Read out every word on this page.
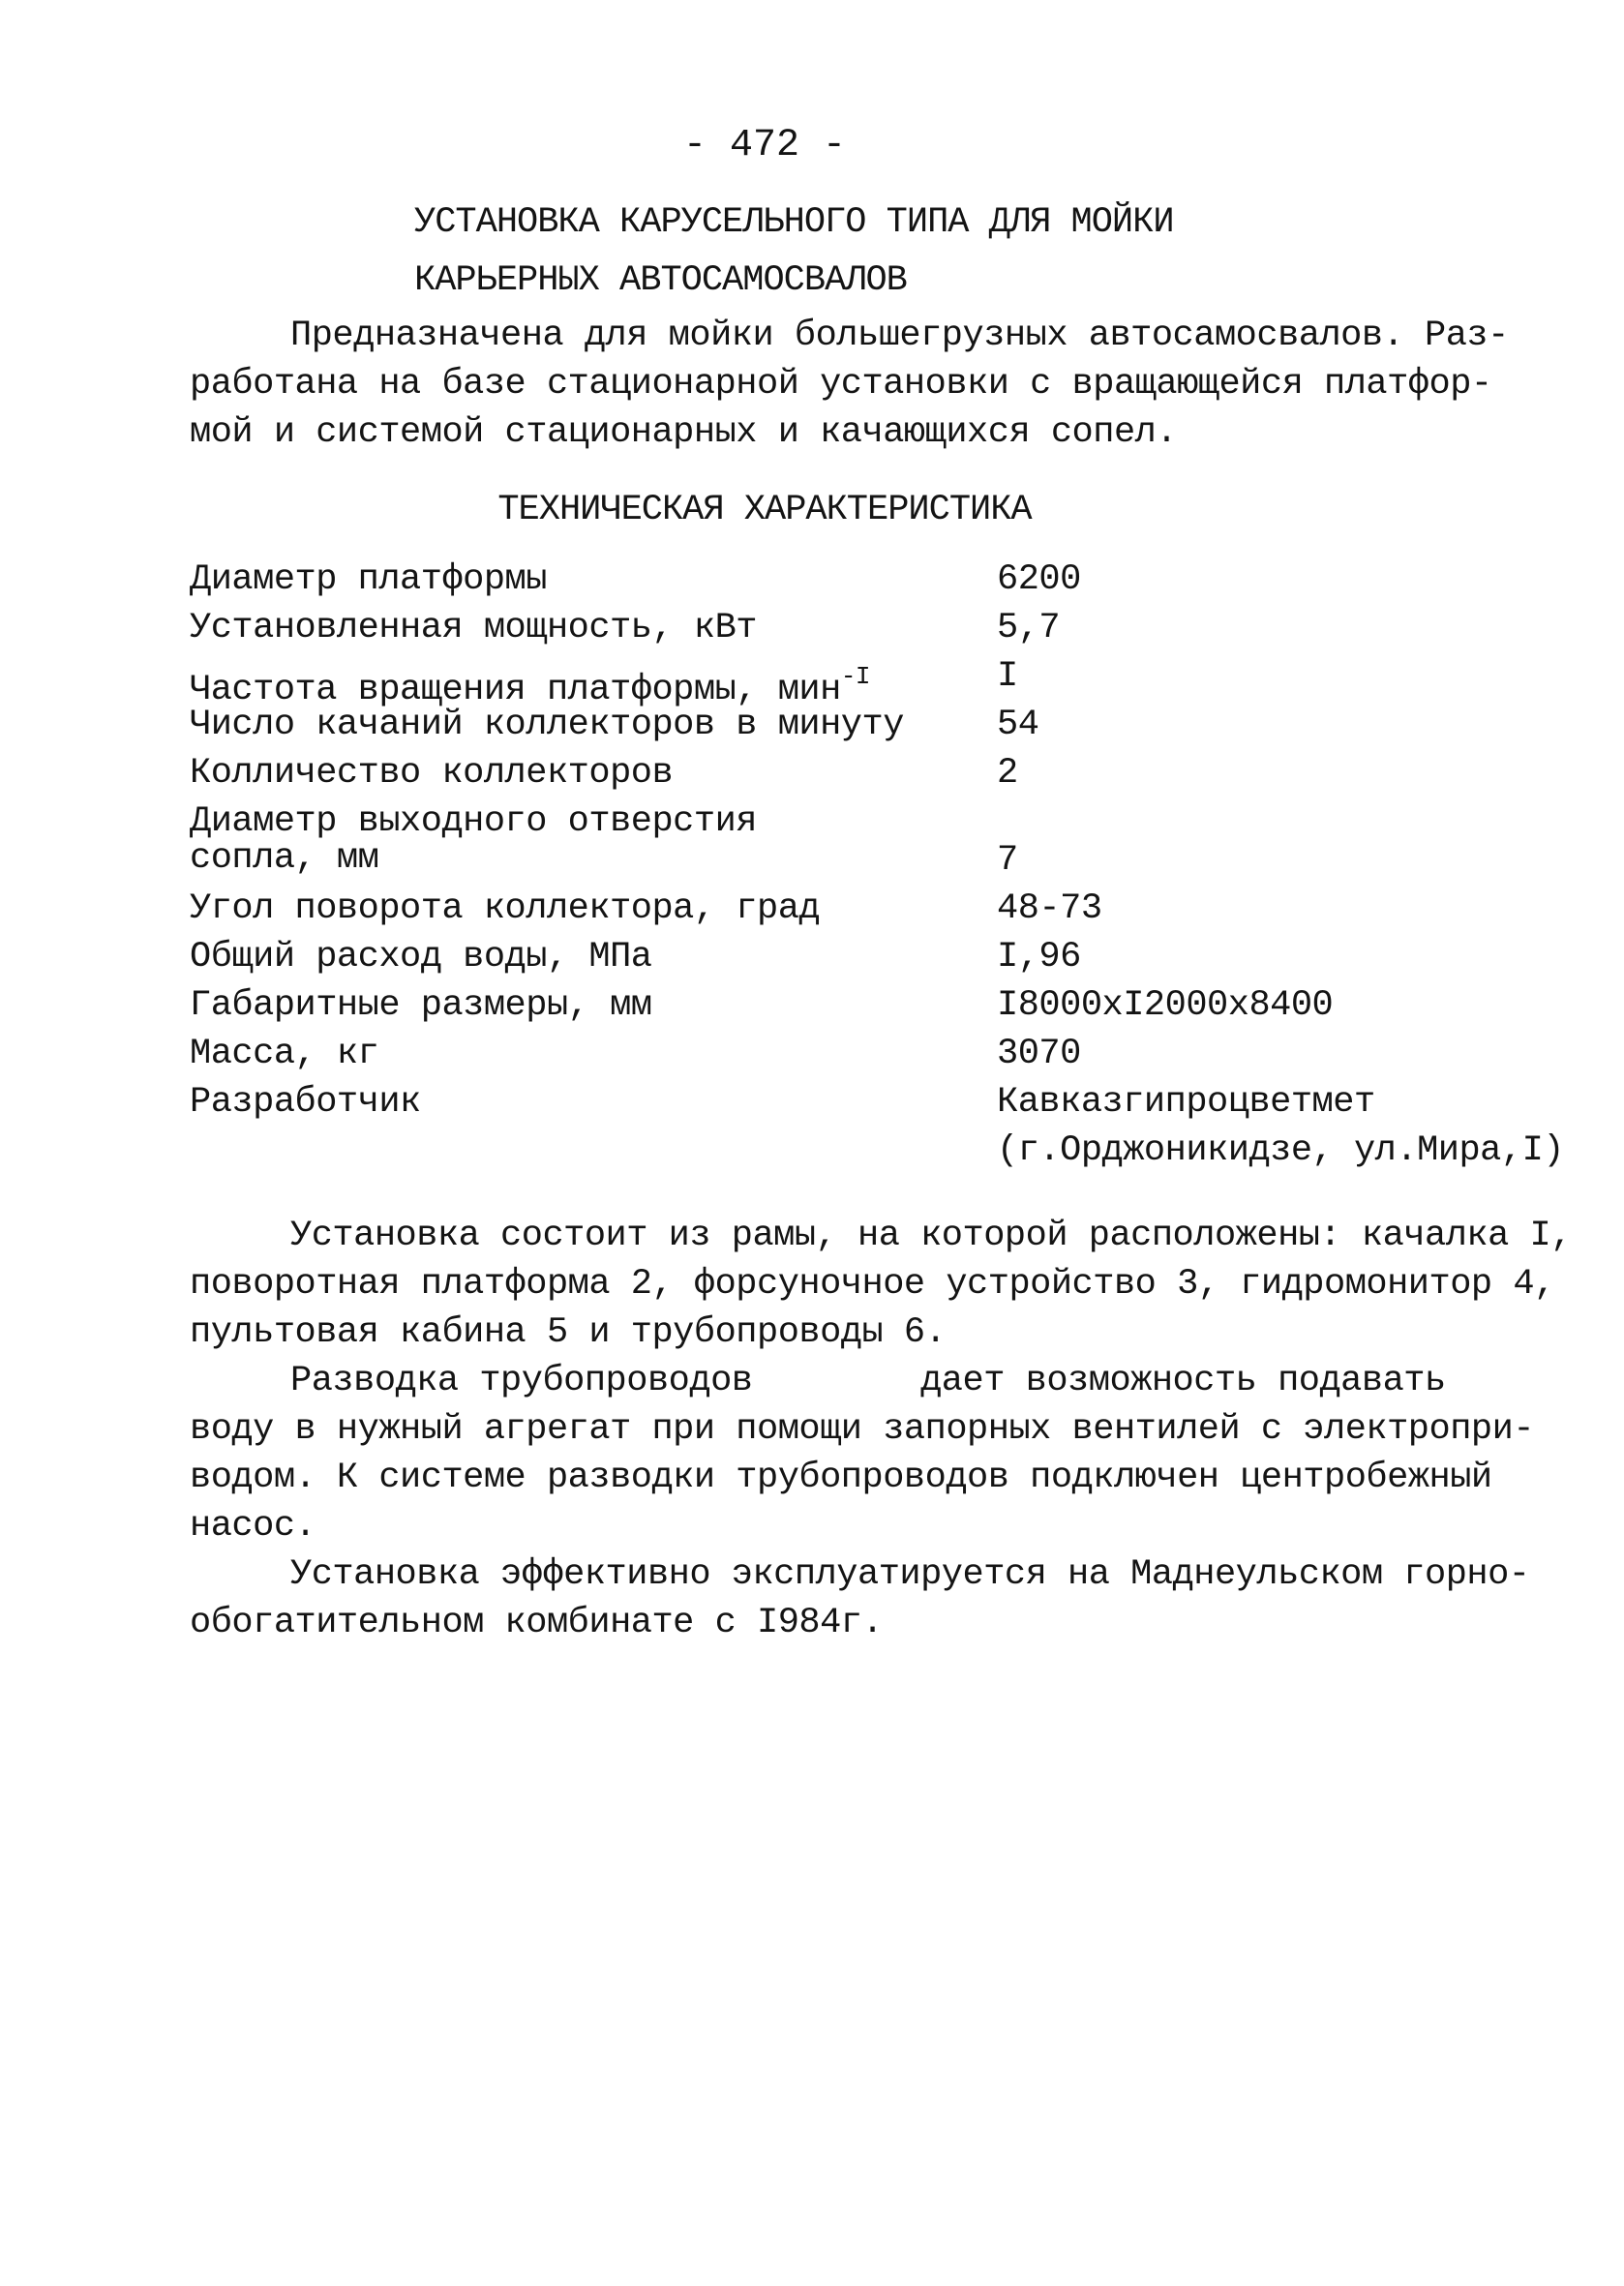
- 472 -
УСТАНОВКА КАРУСЕЛЬНОГО ТИПА ДЛЯ МОЙКИ
КАРЬЕРНЫХ АВТОСАМОСВАЛОВ
Предназначена для мойки большегрузных автосамосвалов. Раз-
работана на базе стационарной установки с вращающейся платфор-
мой и системой стационарных и качающихся сопел.
ТЕХНИЧЕСКАЯ ХАРАКТЕРИСТИКА
Диаметр платформы	6200
Установленная мощность, кВт	5,7
Частота вращения платформы, мин$^{-I}$	I
Число качаний коллекторов в минуту	54
Колличество коллекторов	2
Диаметр выходного отверстия
сопла, мм	7
Угол поворота коллектора, град	48-73
Общий расход воды, МПа	I,96
Габаритные размеры, мм	I8000xI2000x8400
Масса, кг	3070
Разработчик	Кавказгипроцветмет
(г.Орджоникидзе, ул.Мира,I)
Установка состоит из рамы, на которой расположены: качалка I,
поворотная платформа 2, форсуночное устройство 3, гидромонитор 4,
пультовая кабина 5 и трубопроводы 6.
Разводка трубопроводов        дает возможность подавать
воду в нужный агрегат при помощи запорных вентилей с электропри-
водом. К системе разводки трубопроводов подключен центробежный
насос.
Установка эффективно эксплуатируется на Маднеульском горно-
обогатительном комбинате с I984г.
